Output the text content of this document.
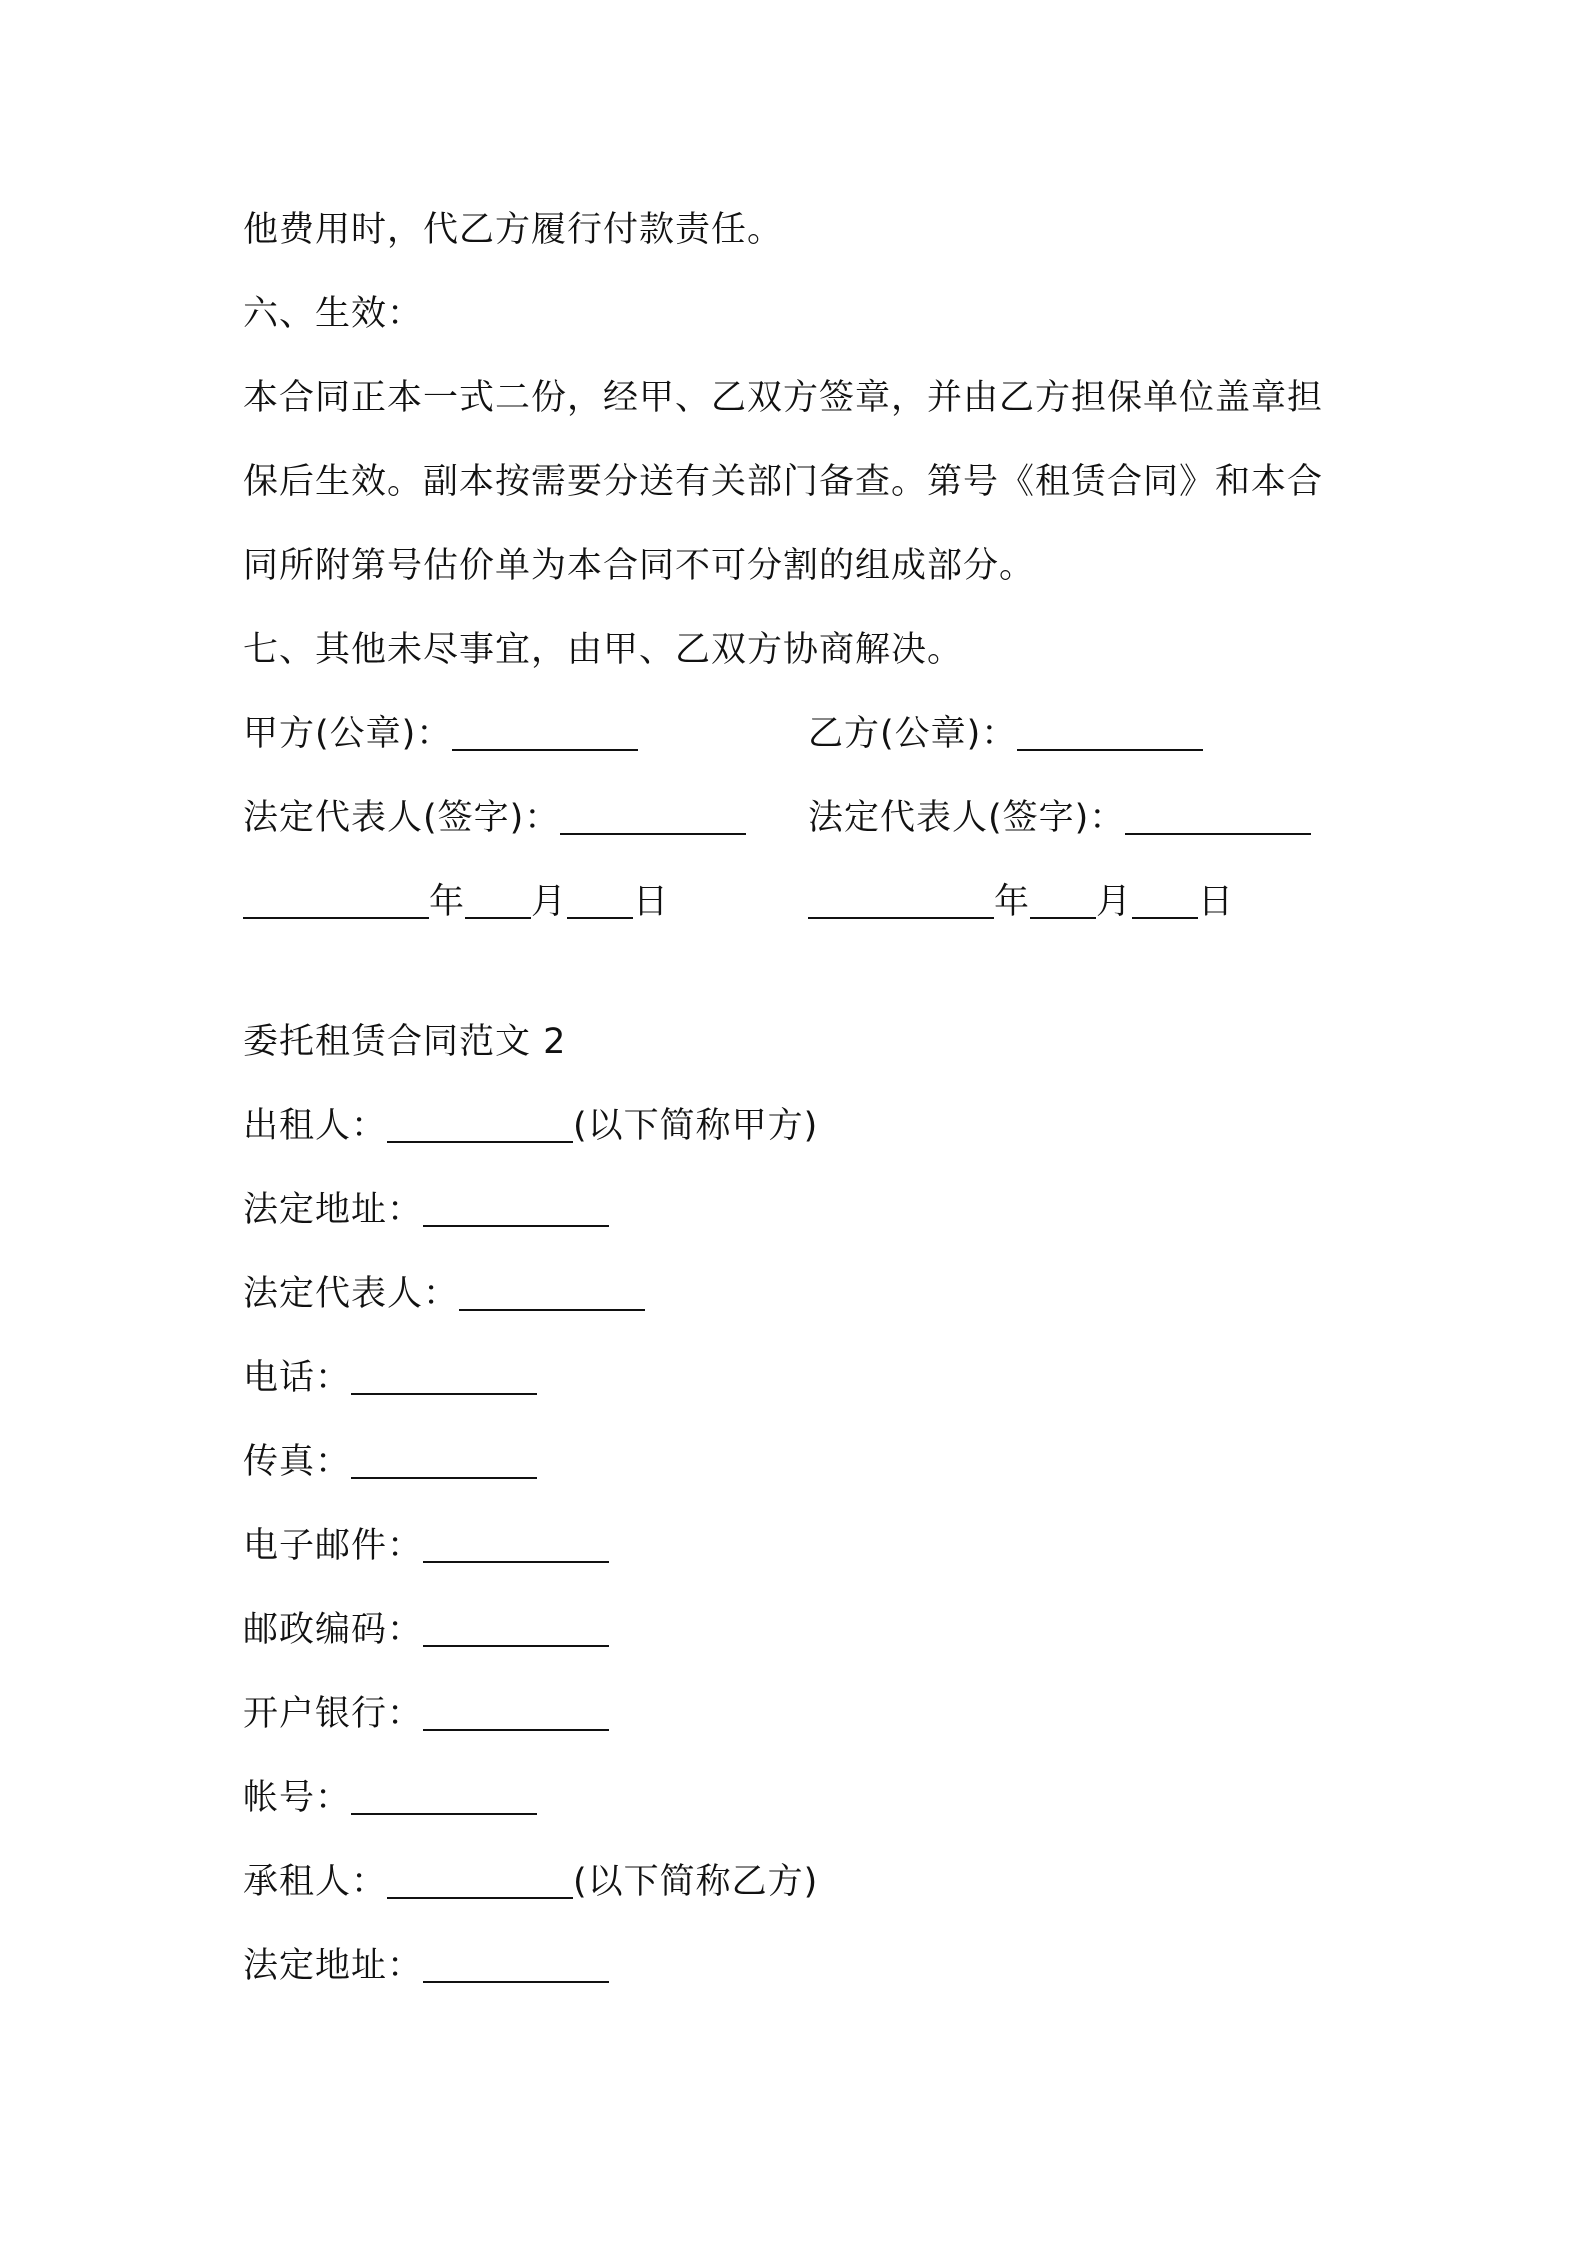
他费用时，代乙方履行付款责任。
六、生效：
本合同正本一式二份，经甲、乙双方签章，并由乙方担保单位盖章担
保后生效。副本按需要分送有关部门备查。第号《租赁合同》和本合
同所附第号估价单为本合同不可分割的组成部分。
七、其他未尽事宜，由甲、乙双方协商解决。
甲方(公章)：	乙方(公章)：
法定代表人(签字)：	法定代表人(签字)：
年 月 日	年 月 日
委托租赁合同范文 2
出租人：	(以下简称甲方)
法定地址：
法定代表人：
电话：
传真：
电子邮件：
邮政编码：
开户银行：
帐号：
承租人：	(以下简称乙方)
法定地址：
